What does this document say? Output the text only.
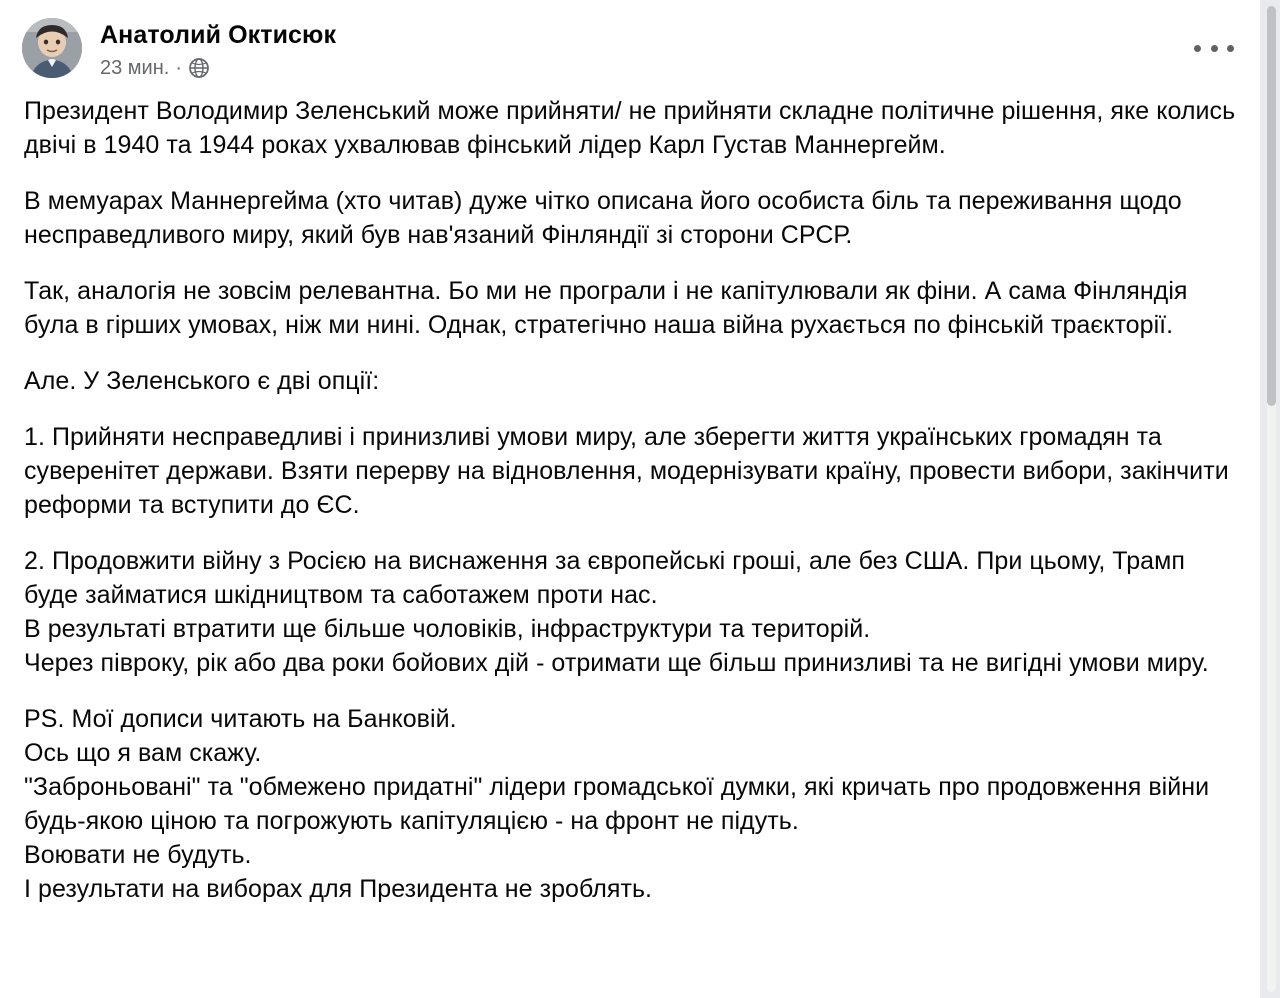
Анатолий Октисюк
23 мин. ·

Президент Володимир Зеленський може прийняти/ не прийняти складне політичне рішення, яке колись двічі в 1940 та 1944 роках ухвалював фінський лідер Карл Густав Маннергейм.

В мемуарах Маннергейма (хто читав) дуже чітко описана його особиста біль та переживання щодо несправедливого миру, який був нав'язаний Фінляндії зі сторони СРСР.

Так, аналогія не зовсім релевантна. Бо ми не програли і не капітулювали як фіни. А сама Фінляндія була в гірших умовах, ніж ми нині. Однак, стратегічно наша війна рухається по фінській траєкторії.

Але. У Зеленського є дві опції:

1. Прийняти несправедливі і принизливі умови миру, але зберегти життя українських громадян та суверенітет держави. Взяти перерву на відновлення, модернізувати країну, провести вибори, закінчити реформи та вступити до ЄС.

2. Продовжити війну з Росією на виснаження за європейські гроші, але без США. При цьому, Трамп буде займатися шкідництвом та саботажем проти нас.

В результаті втратити ще більше чоловіків, інфраструктури та територій.

Через півроку, рік або два роки бойових дій - отримати ще більш принизливі та не вигідні умови миру.

PS. Мої дописи читають на Банковій.

Ось що я вам скажу.

"Заброньовані" та "обмежено придатні" лідери громадської думки, які кричать про продовження війни будь-якою ціною та погрожують капітуляцією - на фронт не підуть.

Воювати не будуть.

І результати на виборах для Президента не зроблять.
